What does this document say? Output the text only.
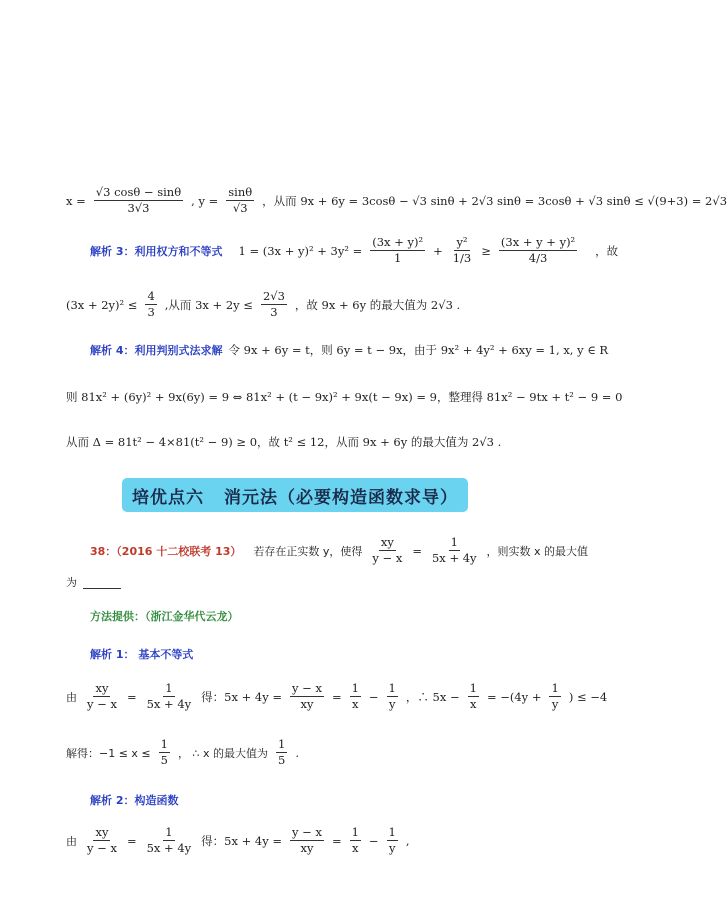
$x = \frac{√3 \cos\theta - \sin\theta}{3√3}$ , $y = \frac{\sin\theta}{√3}$ ，从而 9x + 6y = 3cosθ − √3 sinθ + 2√3 sinθ = 3cosθ + √3 sinθ ≤ √(9+3) = 2√3
解析 3：利用权方和不等式 $1 = (3x + y)^2 + 3y^2 = \frac{\text{(3x + y)²}}{1} + \frac{\text{y²}}{1/3} \ge \frac{\text{(3x + y + y)²}}{4/3}$ ，故
$(3x + 2y)^2 \le \frac{4}{3}$ ,从而 $3x + 2y \le \frac{2√3}{3}$ ，故 9x + 6y 的最大值为 2√3 .
解析 4：利用判别式法求解 令 9x + 6y = t，则 6y = t − 9x，由于 9x² + 4y² + 6xy = 1, x, y ∈ R
则 81x² + (6y)² + 9x(6y) = 9 ⇔ 81x² + (t − 9x)² + 9x(t − 9x) = 9，整理得 81x² − 9tx + t² − 9 = 0
从而 Δ = 81t² − 4×81(t² − 9) ≥ 0，故 t² ≤ 12，从而 9x + 6y 的最大值为 2√3 .
培优点六 消元法（必要构造函数求导）
38：（2016 十二校联考 13） 若存在正实数 y，使得 $\frac{xy}{y - x} = \frac{1}{5x + 4y}$ ，则实数 x 的最大值
为
方法提供：（浙江金华代云龙）
解析 1： 基本不等式
由 $\frac{xy}{y - x} = \frac{1}{5x + 4y}$ 得：$5x + 4y = \frac{y - x}{xy} = \frac{1}{x} - \frac{1}{y}$ ，∴ $5x - \frac{1}{x} = -(4y + \frac{1}{y}$ ) ≤ −4
解得：$-1 \le x \le \frac{1}{5}$ ， ∴ x 的最大值为 $\frac{1}{5}$ .
解析 2：构造函数
由 $\frac{xy}{y - x} = \frac{1}{5x + 4y}$ 得：$5x + 4y = \frac{y - x}{xy} = \frac{1}{x} - \frac{1}{y}$ ,
